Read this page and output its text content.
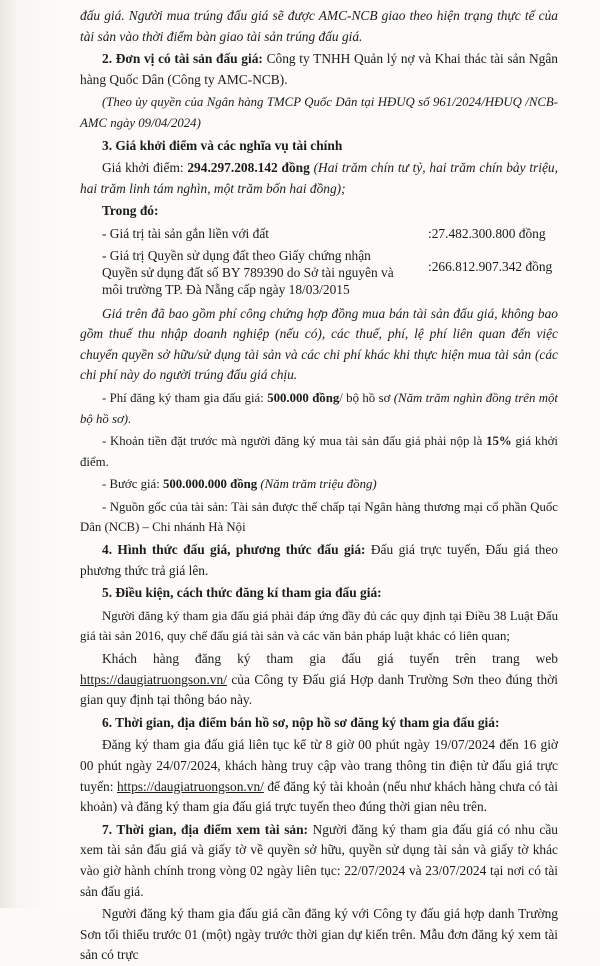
đấu giá. Người mua trúng đấu giá sẽ được AMC-NCB giao theo hiện trạng thực tế của tài sản vào thời điểm bàn giao tài sản trúng đấu giá.

2. Đơn vị có tài sản đấu giá: Công ty TNHH Quản lý nợ và Khai thác tài sản Ngân hàng Quốc Dân (Công ty AMC-NCB).

(Theo ủy quyền của Ngân hàng TMCP Quốc Dân tại HĐUQ số 961/2024/HĐUQ /NCB-AMC ngày 09/04/2024)

3. Giá khởi điểm và các nghĩa vụ tài chính

Giá khởi điểm: 294.297.208.142 đồng (Hai trăm chín tư tỷ, hai trăm chín bảy triệu, hai trăm linh tám nghìn, một trăm bốn hai đồng);

Trong đó:

- Giá trị tài sản gắn liền với đất	:27.482.300.800 đồng
- Giá trị Quyền sử dụng đất theo Giấy chứng nhận Quyền sử dụng đất số BY 789390 do Sở tài nguyên và môi trường TP. Đà Nẵng cấp ngày 18/03/2015
:266.812.907.342 đồng

Giá trên đã bao gồm phí công chứng hợp đồng mua bán tài sản đấu giá, không bao gồm thuế thu nhập doanh nghiệp (nếu có), các thuế, phí, lệ phí liên quan đến việc chuyển quyền sở hữu/sử dụng tài sản và các chi phí khác khi thực hiện mua tài sản (các chi phí này do người trúng đấu giá chịu.

- Phí đăng ký tham gia đấu giá: 500.000 đồng/ bộ hồ sơ (Năm trăm nghìn đồng trên một bộ hồ sơ).

- Khoản tiền đặt trước mà người đăng ký mua tài sản đấu giá phải nộp là 15% giá khởi điểm.

- Bước giá: 500.000.000 đồng (Năm trăm triệu đồng)

- Nguồn gốc của tài sản: Tài sản được thế chấp tại Ngân hàng thương mại cổ phần Quốc Dân (NCB) – Chi nhánh Hà Nội

4. Hình thức đấu giá, phương thức đấu giá: Đấu giá trực tuyến, Đấu giá theo phương thức trả giá lên.

5. Điều kiện, cách thức đăng kí tham gia đấu giá:

Người đăng ký tham gia đấu giá phải đáp ứng đầy đủ các quy định tại Điều 38 Luật Đấu giá tài sản 2016, quy chế đấu giá tài sản và các văn bản pháp luật khác có liên quan;

Khách hàng đăng ký tham gia đấu giá tuyến trên trang web https://daugiatruongson.vn/ của Công ty Đấu giá Hợp danh Trường Sơn theo đúng thời gian quy định tại thông báo này.

6. Thời gian, địa điểm bán hồ sơ, nộp hồ sơ đăng ký tham gia đấu giá:

Đăng ký tham gia đấu giá liên tục kể từ 8 giờ 00 phút ngày 19/07/2024 đến 16 giờ 00 phút ngày 24/07/2024, khách hàng truy cập vào trang thông tin điện tử đấu giá trực tuyến: https://daugiatruongson.vn/ để đăng ký tài khoản (nếu như khách hàng chưa có tài khoản) và đăng ký tham gia đấu giá trực tuyến theo đúng thời gian nêu trên.

7. Thời gian, địa điểm xem tài sản: Người đăng ký tham gia đấu giá có nhu cầu xem tài sản đấu giá và giấy tờ về quyền sở hữu, quyền sử dụng tài sản và giấy tờ khác vào giờ hành chính trong vòng 02 ngày liên tục: 22/07/2024 và 23/07/2024 tại nơi có tài sản đấu giá.

Người đăng ký tham gia đấu giá cần đăng ký với Công ty đấu giá hợp danh Trường Sơn tối thiểu trước 01 (một) ngày trước thời gian dự kiến trên. Mẫu đơn đăng ký xem tài sản có trực
